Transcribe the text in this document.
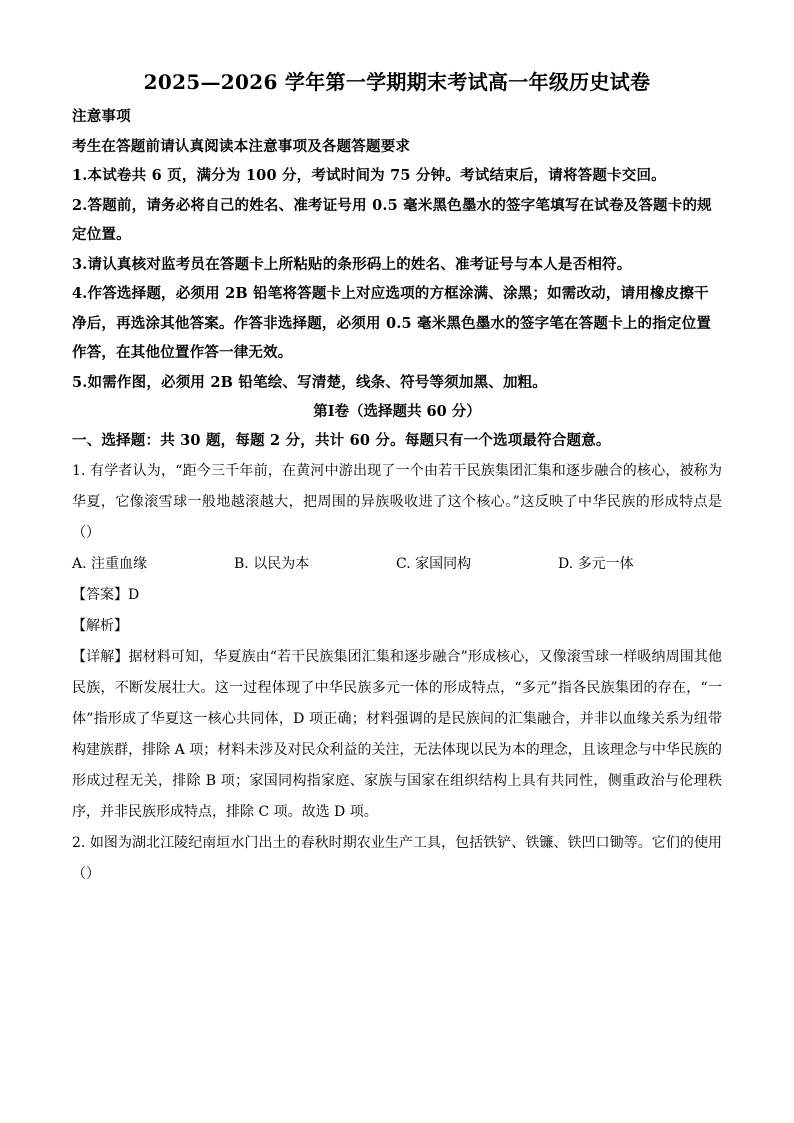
2025—2026 学年第一学期期末考试高一年级历史试卷

注意事项

考生在答题前请认真阅读本注意事项及各题答题要求

1.本试卷共 6 页，满分为 100 分，考试时间为 75 分钟。考试结束后，请将答题卡交回。

2.答题前，请务必将自己的姓名、准考证号用 0.5 毫米黑色墨水的签字笔填写在试卷及答题卡的规定位置。

3.请认真核对监考员在答题卡上所粘贴的条形码上的姓名、准考证号与本人是否相符。

4.作答选择题，必须用 2B 铅笔将答题卡上对应选项的方框涂满、涂黑；如需改动，请用橡皮擦干净后，再选涂其他答案。作答非选择题，必须用 0.5 毫米黑色墨水的签字笔在答题卡上的指定位置作答，在其他位置作答一律无效。

5.如需作图，必须用 2B 铅笔绘、写清楚，线条、符号等须加黑、加粗。

第Ⅰ卷（选择题共 60 分）

一、选择题：共 30 题，每题 2 分，共计 60 分。每题只有一个选项最符合题意。

1. 有学者认为，“距今三千年前，在黄河中游出现了一个由若干民族集团汇集和逐步融合的核心，被称为华夏，它像滚雪球一般地越滚越大，把周围的异族吸收进了这个核心。”这反映了中华民族的形成特点是（）

A. 注重血缘	B. 以民为本	C. 家国同构	D. 多元一体

【答案】D

【解析】

【详解】据材料可知，华夏族由“若干民族集团汇集和逐步融合”形成核心，又像滚雪球一样吸纳周围其他民族，不断发展壮大。这一过程体现了中华民族多元一体的形成特点，“多元”指各民族集团的存在，“一体”指形成了华夏这一核心共同体，D 项正确；材料强调的是民族间的汇集融合，并非以血缘关系为纽带构建族群，排除 A 项；材料未涉及对民众利益的关注，无法体现以民为本的理念，且该理念与中华民族的形成过程无关，排除 B 项；家国同构指家庭、家族与国家在组织结构上具有共同性，侧重政治与伦理秩序，并非民族形成特点，排除 C 项。故选 D 项。

2. 如图为湖北江陵纪南垣水门出土的春秋时期农业生产工具，包括铁铲、铁镰、铁凹口锄等。它们的使用（）
